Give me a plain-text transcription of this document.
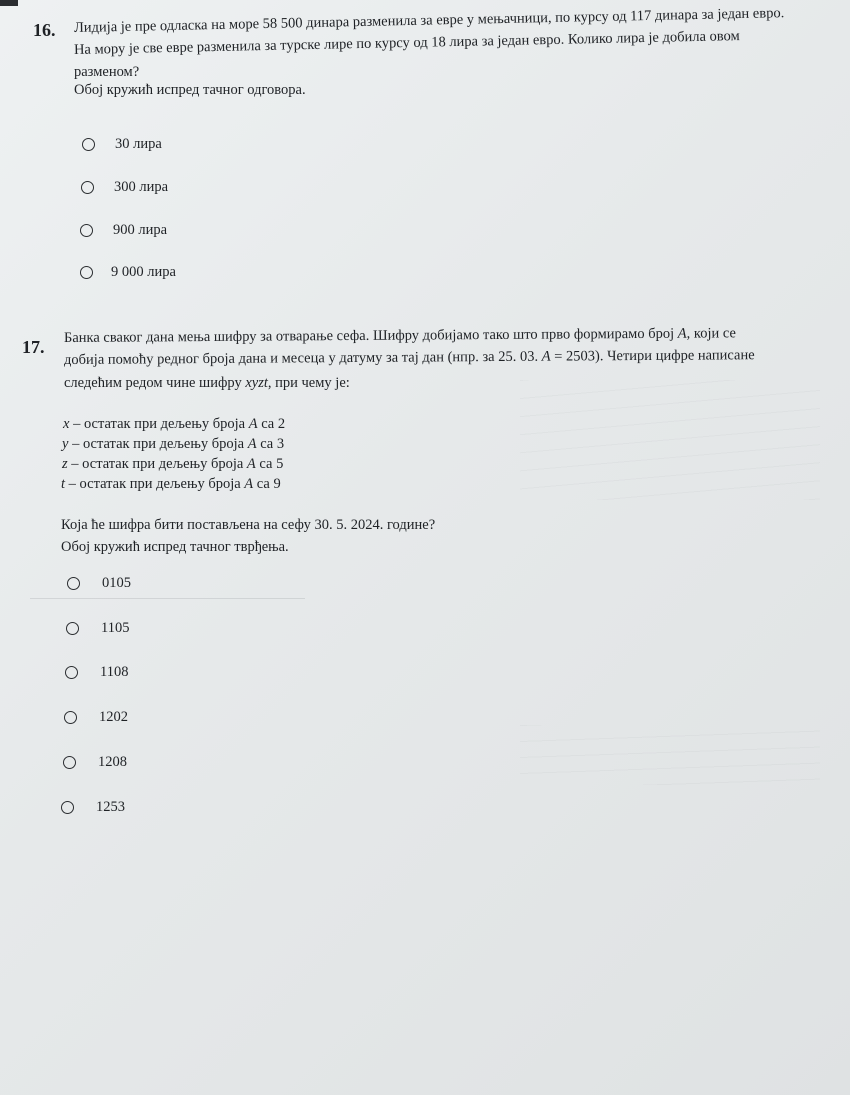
16. Лидија је пре одласка на море 58 500 динара разменила за евре у мењачници, по курсу од 117 динара за један евро.
На мору је све евре разменила за турске лире по курсу од 18 лира за један евро. Колико лира је добила овом
разменом?
Обој кружић испред тачног одговора.
30 лира
300 лира
900 лира
9 000 лира
17.
Банка сваког дана мења шифру за отварање сефа. Шифру добијамо тако што прво формирамо број A, који се
добија помоћу редног броја дана и месеца у датуму за тај дан (нпр. за 25. 03. A = 2503). Четири цифре написане
следећим редом чине шифру xyzt, при чему је:
x – остатак при дељењу броја A са 2
y – остатак при дељењу броја A са 3
z – остатак при дељењу броја A са 5
t – остатак при дељењу броја A са 9
Која ће шифра бити постављена на сефу 30. 5. 2024. године?
Обој кружић испред тачног тврђења.
0105
1105
1108
1202
1208
1253
